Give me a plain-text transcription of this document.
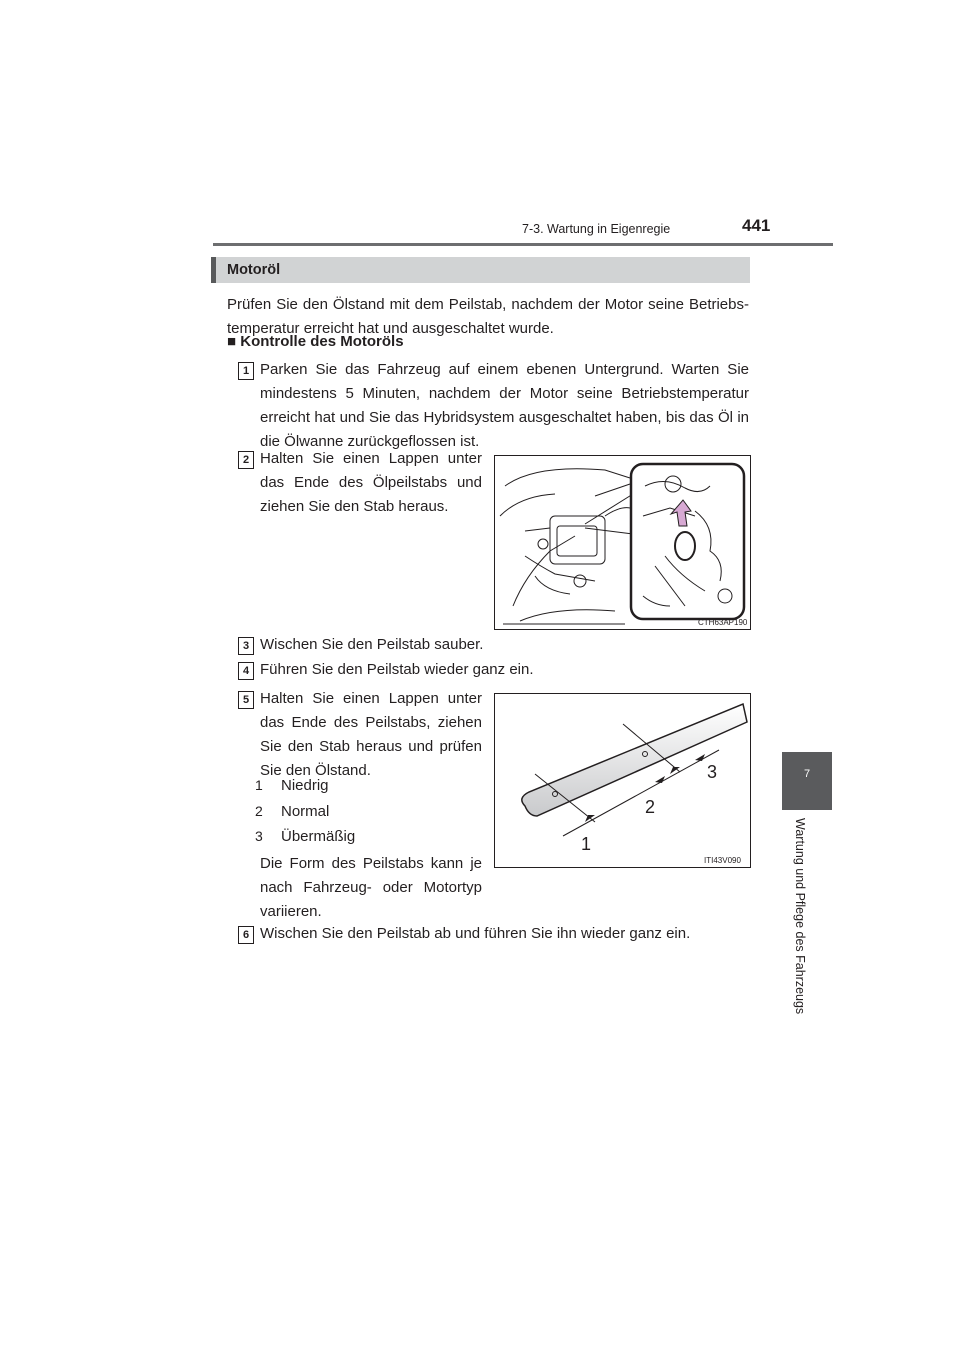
7-3. Wartung in Eigenregie	441
7
Wartung und Pflege des Fahrzeugs
Motoröl
Prüfen Sie den Ölstand mit dem Peilstab, nachdem der Motor seine Betriebstemperatur erreicht hat und ausgeschaltet wurde.
■ Kontrolle des Motoröls
1 Parken Sie das Fahrzeug auf einem ebenen Untergrund. Warten Sie mindestens 5 Minuten, nachdem der Motor seine Betriebstemperatur erreicht hat und Sie das Hybridsystem ausgeschaltet haben, bis das Öl in die Ölwanne zurückgeflossen ist.
2 Halten Sie einen Lappen unter das Ende des Ölpeilstabs und ziehen Sie den Stab heraus.
CTH63AP190
3 Wischen Sie den Peilstab sauber.
4 Führen Sie den Peilstab wieder ganz ein.
5 Halten Sie einen Lappen unter das Ende des Peilstabs, ziehen Sie den Stab heraus und prüfen Sie den Ölstand.
1 Niedrig
2 Normal
3 Übermäßig
Die Form des Peilstabs kann je nach Fahrzeug- oder Motortyp variieren.
1
2
3
ITI43V090
6 Wischen Sie den Peilstab ab und führen Sie ihn wieder ganz ein.
